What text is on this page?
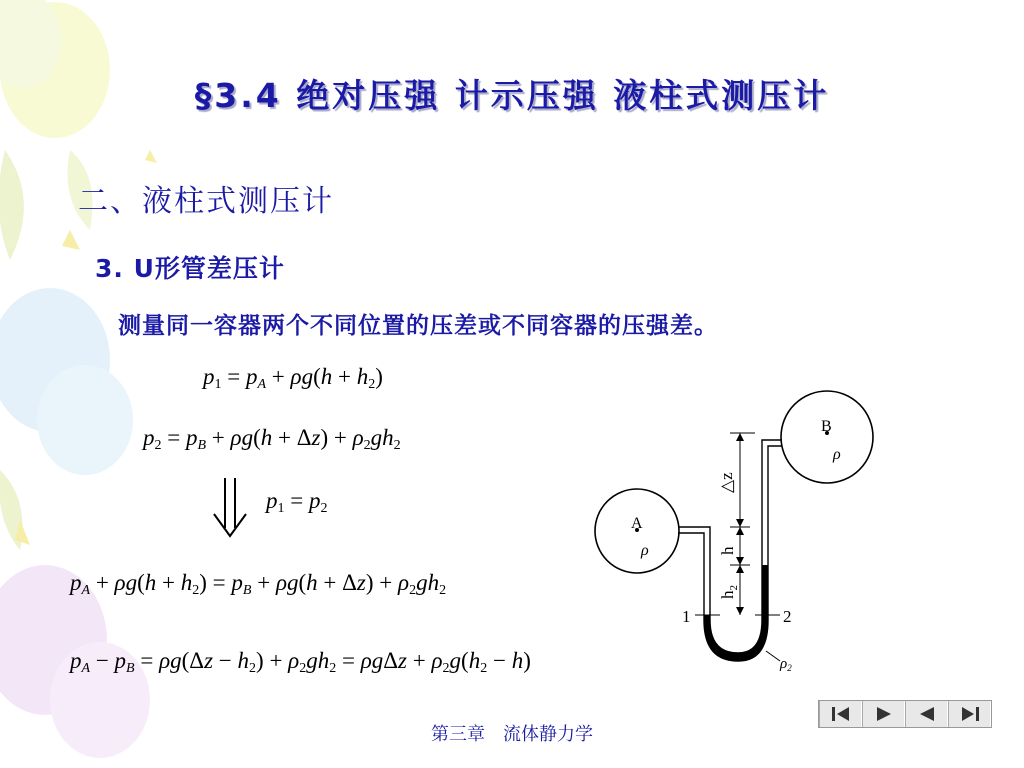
§3.4 绝对压强 计示压强 液柱式测压计
二、液柱式测压计
3. U形管差压计
测量同一容器两个不同位置的压差或不同容器的压强差。
$p_1 = p_A + \rho g(h + h_2)$
$p_2 = p_B + \rho g(h + \Delta z) + \rho_2gh_2$
$p_1 = p_2$
$p_A + \rho g(h + h_2) = p_B + \rho g(h + \Delta z) + \rho_2gh_2$
$p_A - p_B = \rho g(\Delta z - h_2) + \rho_2gh_2 = \rho g\Delta z + \rho_2g(h_2 - h)$
B
ρ
A
ρ
1	2
△z
h
$h_2$
$\rho_2$
第三章　流体静力学
